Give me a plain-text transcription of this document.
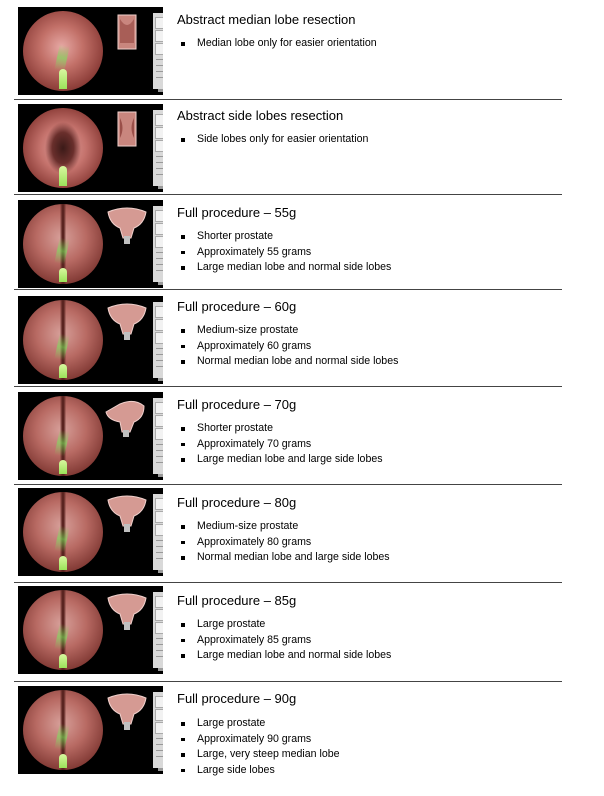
Abstract median lobe resection
Median lobe only for easier orientation
Abstract side lobes resection
Side lobes only for easier orientation
Full procedure – 55g
Shorter prostate
Approximately 55 grams
Large median lobe and normal side lobes
Full procedure – 60g
Medium-size prostate
Approximately 60 grams
Normal median lobe and normal side lobes
Full procedure – 70g
Shorter prostate
Approximately 70 grams
Large median lobe and large side lobes
Full procedure – 80g
Medium-size prostate
Approximately 80 grams
Normal median lobe and large side lobes
Full procedure – 85g
Large prostate
Approximately 85 grams
Large median lobe and normal side lobes
Full procedure – 90g
Large prostate
Approximately 90 grams
Large, very steep median lobe
Large side lobes
